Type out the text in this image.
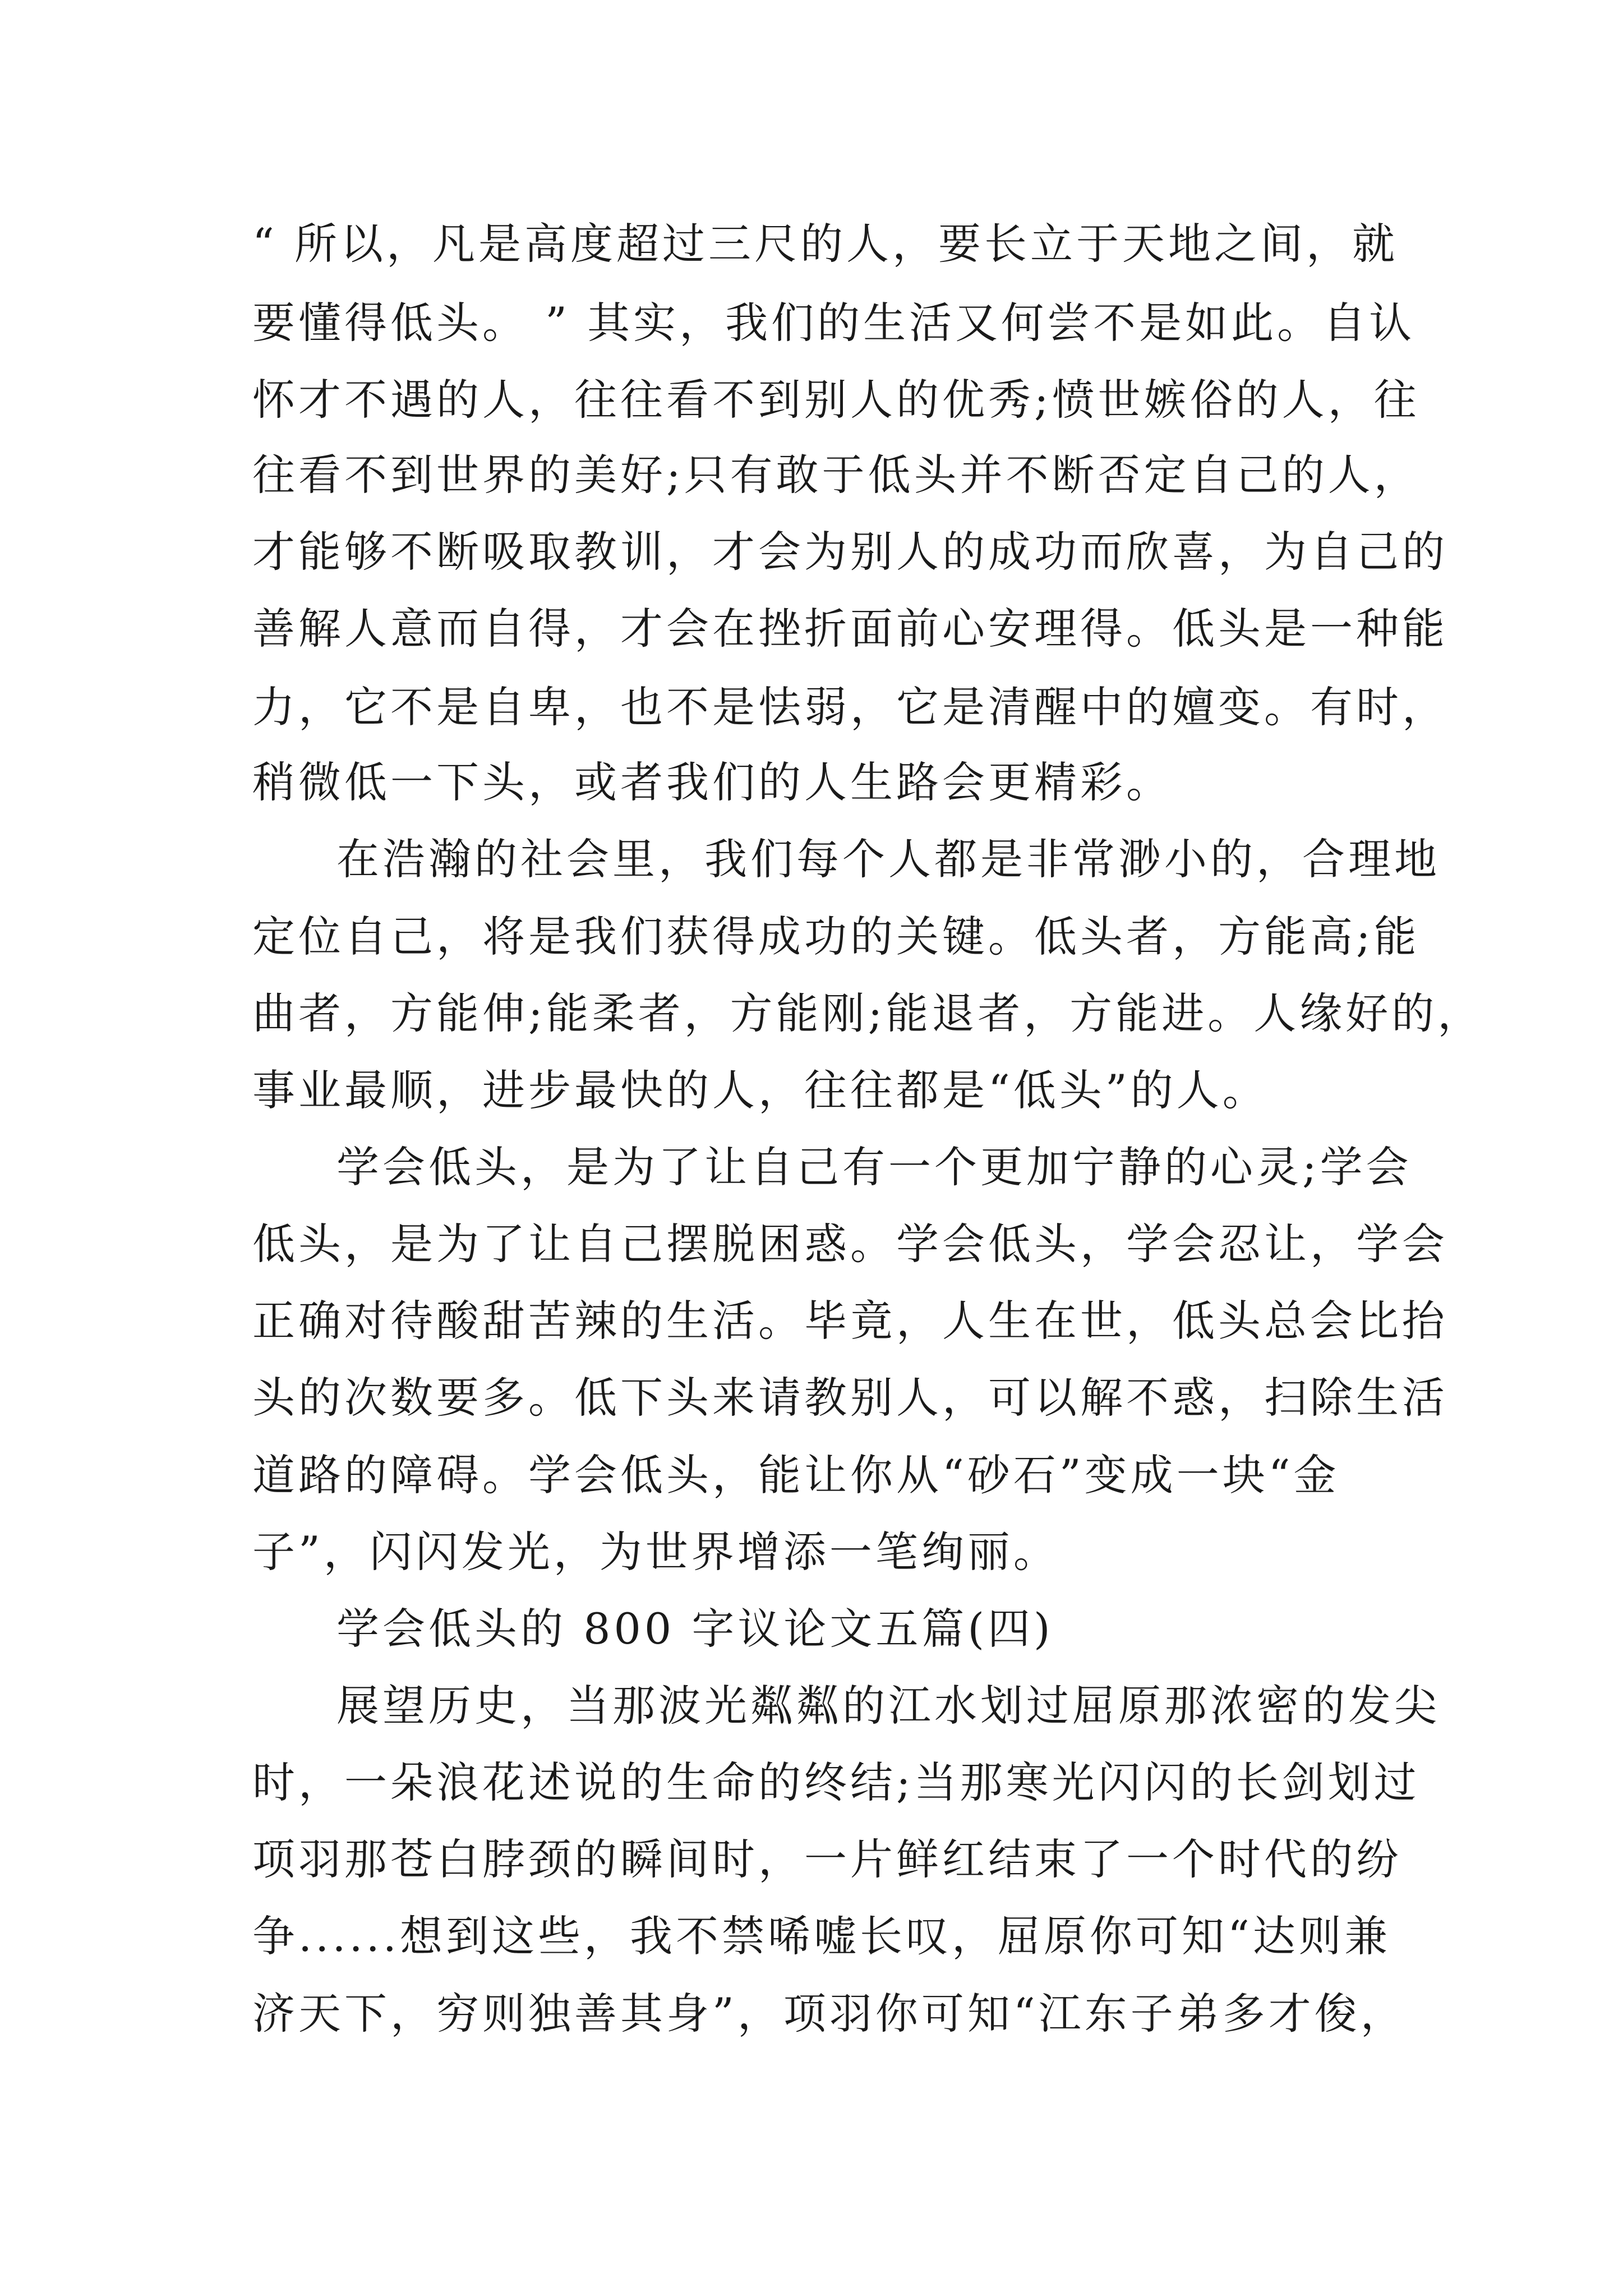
“ 所以，凡是高度超过三尺的人，要长立于天地之间，就
要懂得低头。 ” 其实，我们的生活又何尝不是如此。自认
怀才不遇的人，往往看不到别人的优秀;愤世嫉俗的人，往
往看不到世界的美好;只有敢于低头并不断否定自己的人，
才能够不断吸取教训，才会为别人的成功而欣喜，为自己的
善解人意而自得，才会在挫折面前心安理得。低头是一种能
力，它不是自卑，也不是怯弱，它是清醒中的嬗变。有时，
稍微低一下头，或者我们的人生路会更精彩。
在浩瀚的社会里，我们每个人都是非常渺小的，合理地
定位自己，将是我们获得成功的关键。低头者，方能高;能
曲者，方能伸;能柔者，方能刚;能退者，方能进。人缘好的，
事业最顺，进步最快的人，往往都是“低头”的人。
学会低头，是为了让自己有一个更加宁静的心灵;学会
低头，是为了让自己摆脱困惑。学会低头，学会忍让，学会
正确对待酸甜苦辣的生活。毕竟，人生在世，低头总会比抬
头的次数要多。低下头来请教别人，可以解不惑，扫除生活
道路的障碍。学会低头，能让你从“砂石”变成一块“金
子”，闪闪发光，为世界增添一笔绚丽。
学会低头的 800 字议论文五篇(四)
展望历史，当那波光粼粼的江水划过屈原那浓密的发尖
时，一朵浪花述说的生命的终结;当那寒光闪闪的长剑划过
项羽那苍白脖颈的瞬间时，一片鲜红结束了一个时代的纷
争......想到这些，我不禁唏嘘长叹，屈原你可知“达则兼
济天下，穷则独善其身”，项羽你可知“江东子弟多才俊，
